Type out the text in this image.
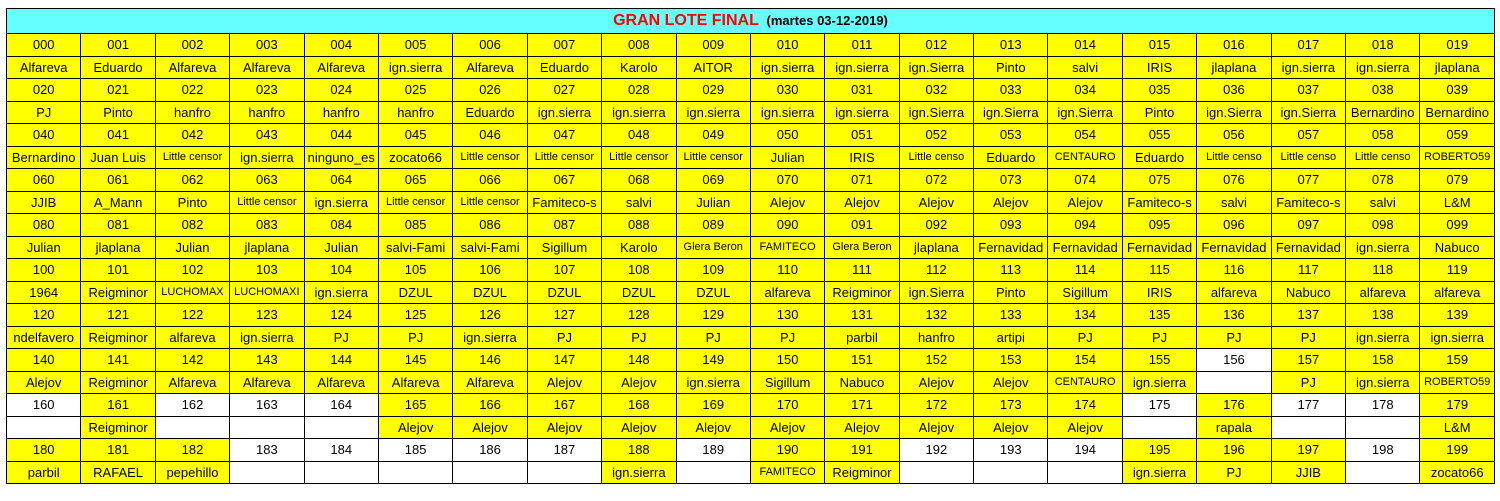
GRAN LOTE FINAL (martes 03-12-2019)																			
000	001	002	003	004	005	006	007	008	009	010	011	012	013	014	015	016	017	018	019
Alfareva	Eduardo	Alfareva	Alfareva	Alfareva	ign.sierra	Alfareva	Eduardo	Karolo	AITOR	ign.sierra	ign.sierra	ign.Sierra	Pinto	salvi	IRIS	jlaplana	ign.sierra	ign.sierra	jlaplana
020	021	022	023	024	025	026	027	028	029	030	031	032	033	034	035	036	037	038	039
PJ	Pinto	hanfro	hanfro	hanfro	hanfro	Eduardo	ign.sierra	ign.sierra	ign.sierra	ign.sierra	ign.sierra	ign.Sierra	ign.Sierra	ign.Sierra	Pinto	ign.Sierra	ign.Sierra	Bernardino	Bernardino
040	041	042	043	044	045	046	047	048	049	050	051	052	053	054	055	056	057	058	059
Bernardino	Juan Luis	Little censor	ign.sierra	ninguno_es	zocato66	Little censor	Little censor	Little censor	Little censor	Julian	IRIS	Little censo	Eduardo	CENTAURO	Eduardo	Little censo	Little censo	Little censo	ROBERTO59
060	061	062	063	064	065	066	067	068	069	070	071	072	073	074	075	076	077	078	079
JJIB	A_Mann	Pinto	Little censor	ign.sierra	Little censor	Little censor	Famiteco-s	salvi	Julian	Alejov	Alejov	Alejov	Alejov	Alejov	Famiteco-s	salvi	Famiteco-s	salvi	L&M
080	081	082	083	084	085	086	087	088	089	090	091	092	093	094	095	096	097	098	099
Julian	jlaplana	Julian	jlaplana	Julian	salvi-Fami	salvi-Fami	Sigillum	Karolo	Glera Beron	FAMITECO	Glera Beron	jlaplana	Fernavidad	Fernavidad	Fernavidad	Fernavidad	Fernavidad	ign.sierra	Nabuco
100	101	102	103	104	105	106	107	108	109	110	111	112	113	114	115	116	117	118	119
1964	Reigminor	LUCHOMAX	LUCHOMAXI	ign.sierra	DZUL	DZUL	DZUL	DZUL	DZUL	alfareva	Reigminor	ign.Sierra	Pinto	Sigillum	IRIS	alfareva	Nabuco	alfareva	alfareva
120	121	122	123	124	125	126	127	128	129	130	131	132	133	134	135	136	137	138	139
ndelfavero	Reigminor	alfareva	ign.sierra	PJ	PJ	ign.sierra	PJ	PJ	PJ	PJ	parbil	hanfro	artipi	PJ	PJ	PJ	PJ	ign.sierra	ign.sierra
140	141	142	143	144	145	146	147	148	149	150	151	152	153	154	155	156	157	158	159
Alejov	Reigminor	Alfareva	Alfareva	Alfareva	Alfareva	Alfareva	Alejov	Alejov	ign.sierra	Sigillum	Nabuco	Alejov	Alejov	CENTAURO	ign.sierra		PJ	ign.sierra	ROBERTO59
160	161	162	163	164	165	166	167	168	169	170	171	172	173	174	175	176	177	178	179
	Reigminor				Alejov	Alejov	Alejov	Alejov	Alejov	Alejov	Alejov	Alejov	Alejov	Alejov		rapala			L&M
180	181	182	183	184	185	186	187	188	189	190	191	192	193	194	195	196	197	198	199
parbil	RAFAEL	pepehillo						ign.sierra		FAMITECO	Reigminor				ign.sierra	PJ	JJIB		zocato66
